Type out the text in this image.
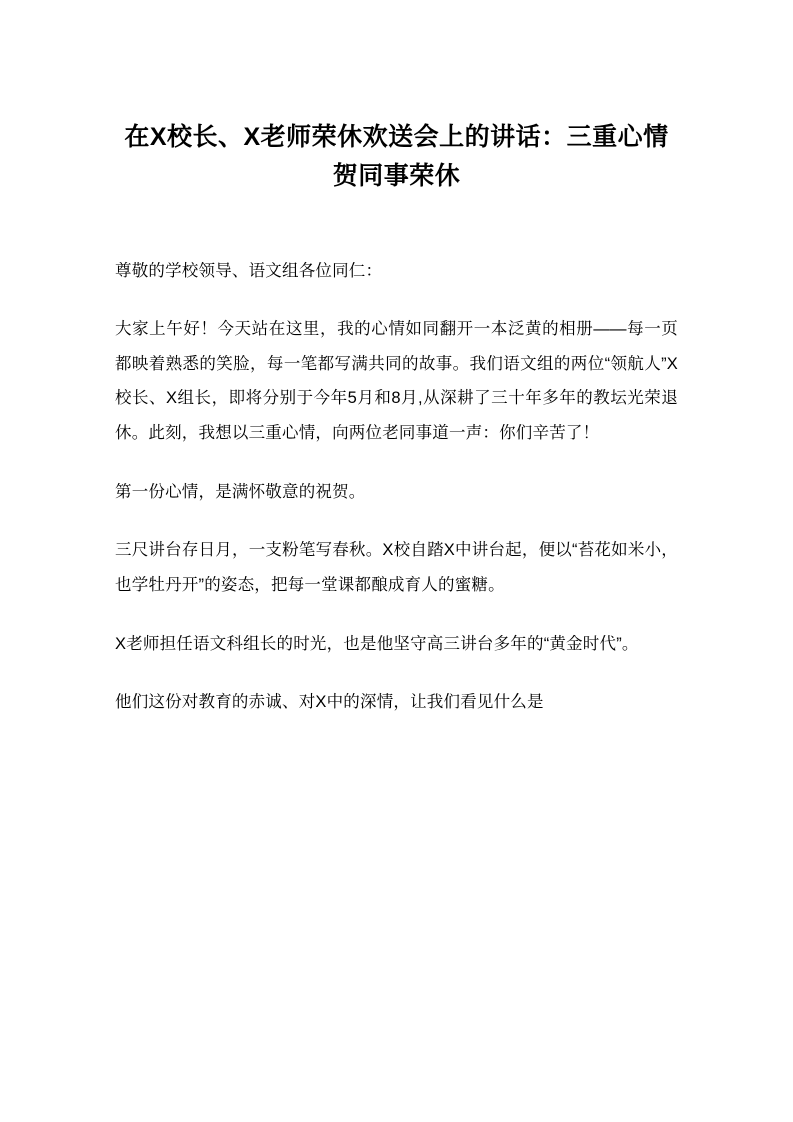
在X校长、X老师荣休欢送会上的讲话：三重心情贺同事荣休

尊敬的学校领导、语文组各位同仁：

大家上午好！今天站在这里，我的心情如同翻开一本泛黄的相册——每一页都映着熟悉的笑脸，每一笔都写满共同的故事。我们语文组的两位“领航人”X校长、X组长，即将分别于今年5月和8月,从深耕了三十年多年的教坛光荣退休。此刻，我想以三重心情，向两位老同事道一声：你们辛苦了！

第一份心情，是满怀敬意的祝贺。

三尺讲台存日月，一支粉笔写春秋。X校自踏X中讲台起，便以“苔花如米小，也学牡丹开”的姿态，把每一堂课都酿成育人的蜜糖。

X老师担任语文科组长的时光，也是他坚守高三讲台多年的“黄金时代”。

他们这份对教育的赤诚、对X中的深情，让我们看见什么是
